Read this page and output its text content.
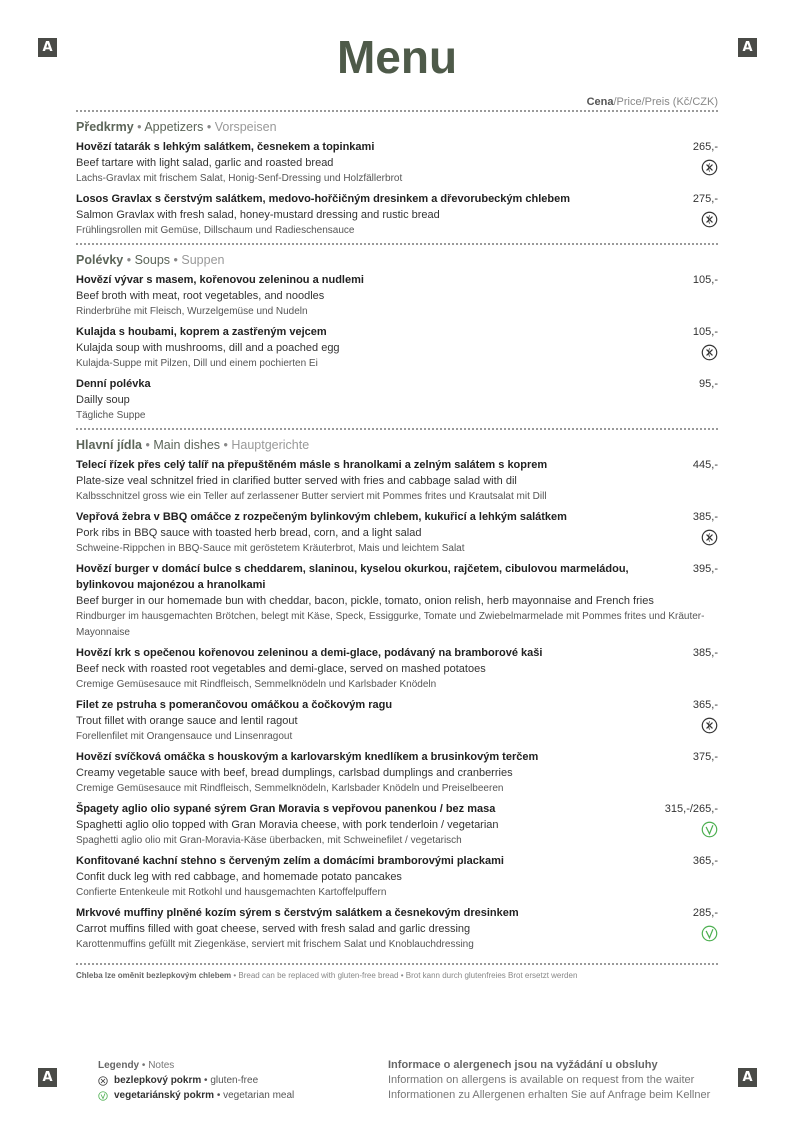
A	A
A	A
Menu
Cena/Price/Preis (Kč/CZK)
Předkrmy • Appetizers • Vorspeisen
Hovězí tatarák s lehkým salátkem, česnekem a topinkami
Beef tartare with light salad, garlic and roasted bread
Lachs-Gravlax mit frischem Salat, Honig-Senf-Dressing und Holzfällerbrot
265,-
Losos Gravlax s čerstvým salátkem, medovo-hořčičným dresinkem a dřevorubeckým chlebem
Salmon Gravlax with fresh salad, honey-mustard dressing and rustic bread
Frühlingsrollen mit Gemüse, Dillschaum und Radieschensauce
275,-
Polévky • Soups • Suppen
Hovězí vývar s masem, kořenovou zeleninou a nudlemi
Beef broth with meat, root vegetables, and noodles
Rinderbrühe mit Fleisch, Wurzelgemüse und Nudeln
105,-
Kulajda s houbami, koprem a zastřeným vejcem
Kulajda soup with mushrooms, dill and a poached egg
Kulajda-Suppe mit Pilzen, Dill und einem pochierten Ei
105,-
Denní polévka
Dailly soup
Tägliche Suppe
95,-
Hlavní jídla • Main dishes • Hauptgerichte
Telecí řízek přes celý talíř na přepuštěném másle s hranolkami a zelným salátem s koprem
Plate-size veal schnitzel fried in clarified butter served with fries and cabbage salad with dil
Kalbsschnitzel gross wie ein Teller auf zerlassener Butter serviert mit Pommes frites und Krautsalat mit Dill
445,-
Vepřová žebra v BBQ omáčce z rozpečeným bylinkovým chlebem, kukuřicí a lehkým salátkem
Pork ribs in BBQ sauce with toasted herb bread, corn, and a light salad
Schweine-Rippchen in BBQ-Sauce mit geröstetem Kräuterbrot, Mais und leichtem Salat
385,-
Hovězí burger v domácí bulce s cheddarem, slaninou, kyselou okurkou, rajčetem, cibulovou marmeládou, bylinkovou majonézou a hranolkami
Beef burger in our homemade bun with cheddar, bacon, pickle, tomato, onion relish, herb mayonnaise and French fries
Rindburger im hausgemachten Brötchen, belegt mit Käse, Speck, Essiggurke, Tomate und Zwiebelmarmelade mit Pommes frites und Kräuter-Mayonnaise
395,-
Hovězí krk s opečenou kořenovou zeleninou a demi-glace, podávaný na bramborové kaši
Beef neck with roasted root vegetables and demi-glace, served on mashed potatoes
Cremige Gemüsesauce mit Rindfleisch, Semmelknödeln und Karlsbader Knödeln
385,-
Filet ze pstruha s pomerančovou omáčkou a čočkovým ragu
Trout fillet with orange sauce and lentil ragout
Forellenfilet mit Orangensauce und Linsenragout
365,-
Hovězí svíčková omáčka s houskovým a karlovarským knedlíkem a brusinkovým terčem
Creamy vegetable sauce with beef, bread dumplings, carlsbad dumplings and cranberries
Cremige Gemüsesauce mit Rindfleisch, Semmelknödeln, Karlsbader Knödeln und Preiselbeeren
375,-
Špagety aglio olio sypané sýrem Gran Moravia s vepřovou panenkou / bez masa
Spaghetti aglio olio topped with Gran Moravia cheese, with pork tenderloin / vegetarian
Spaghetti aglio olio mit Gran-Moravia-Käse überbacken, mit Schweinefilet / vegetarisch
315,-/265,-
Konfitované kachní stehno s červeným zelím a domácími bramborovými plackami
Confit duck leg with red cabbage, and homemade potato pancakes
Confierte Entenkeule mit Rotkohl und hausgemachten Kartoffelpuffern
365,-
Mrkvové muffiny plněné kozím sýrem s čerstvým salátkem a česnekovým dresinkem
Carrot muffins filled with goat cheese, served with fresh salad and garlic dressing
Karottenmuffins gefüllt mit Ziegenkäse, serviert mit frischem Salat und Knoblauchdressing
285,-
Chleba lze oměnit bezlepkovým chlebem • Bread can be replaced with gluten-free bread • Brot kann durch glutenfreies Brot ersetzt werden
Legendy • Notes
bezlepkový pokrm • gluten-free
vegetariánský pokrm • vegetarian meal
Informace o alergenech jsou na vyžádání u obsluhy
Information on allergens is available on request from the waiter
Informationen zu Allergenen erhalten Sie auf Anfrage beim Kellner
